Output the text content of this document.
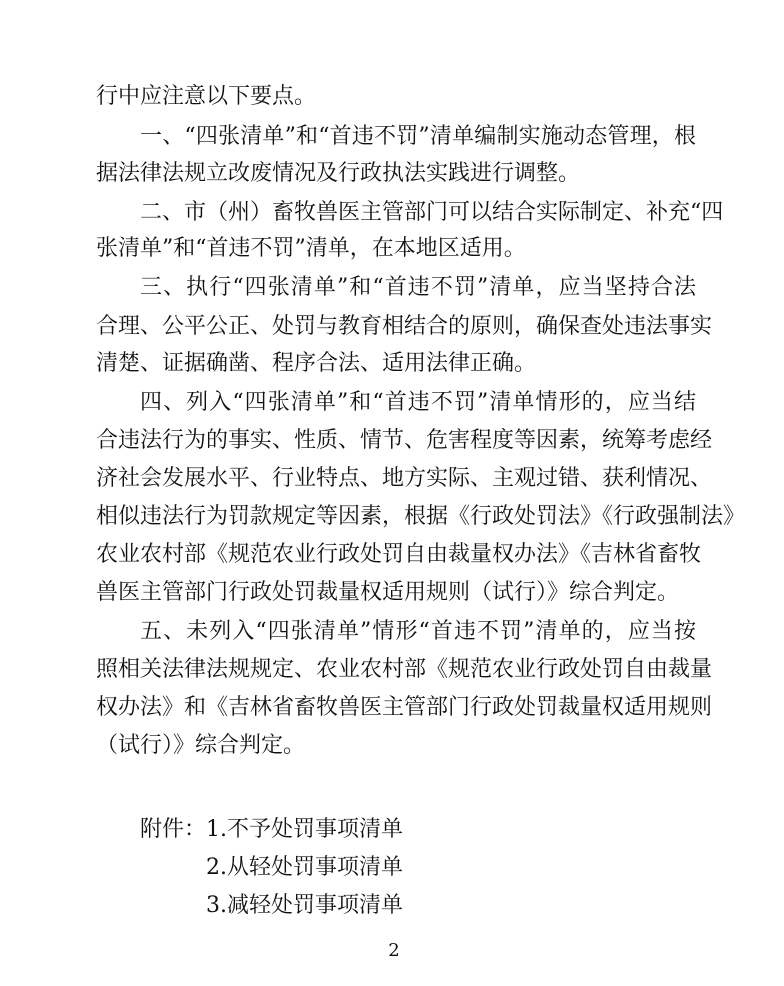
行中应注意以下要点。
一、“四张清单”和“首违不罚”清单编制实施动态管理，根
据法律法规立改废情况及行政执法实践进行调整。
二、市（州）畜牧兽医主管部门可以结合实际制定、补充“四
张清单”和“首违不罚”清单，在本地区适用。
三、执行“四张清单”和“首违不罚”清单，应当坚持合法
合理、公平公正、处罚与教育相结合的原则，确保查处违法事实
清楚、证据确凿、程序合法、适用法律正确。
四、列入“四张清单”和“首违不罚”清单情形的，应当结
合违法行为的事实、性质、情节、危害程度等因素，统筹考虑经
济社会发展水平、行业特点、地方实际、主观过错、获利情况、
相似违法行为罚款规定等因素，根据《行政处罚法》《行政强制法》
农业农村部《规范农业行政处罚自由裁量权办法》《吉林省畜牧
兽医主管部门行政处罚裁量权适用规则（试行）》综合判定。
五、未列入“四张清单”情形“首违不罚”清单的，应当按
照相关法律法规规定、农业农村部《规范农业行政处罚自由裁量
权办法》和《吉林省畜牧兽医主管部门行政处罚裁量权适用规则
（试行）》综合判定。
附件： 1.不予处罚事项清单
2.从轻处罚事项清单
3.减轻处罚事项清单
2
